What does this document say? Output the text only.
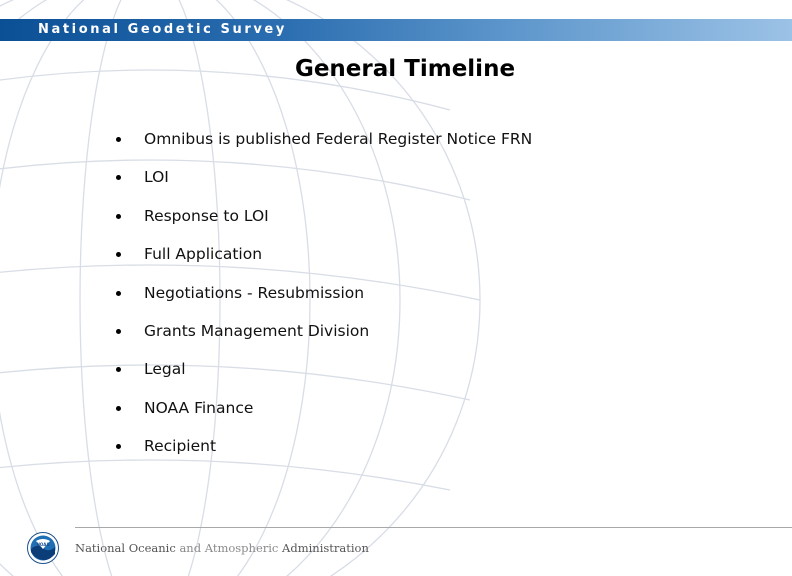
National Geodetic Survey
General Timeline
Omnibus is published Federal Register Notice FRN
LOI
Response to LOI
Full Application
Negotiations - Resubmission
Grants Management Division
Legal
NOAA Finance
Recipient
NOAA National Oceanic and Atmospheric Administration
